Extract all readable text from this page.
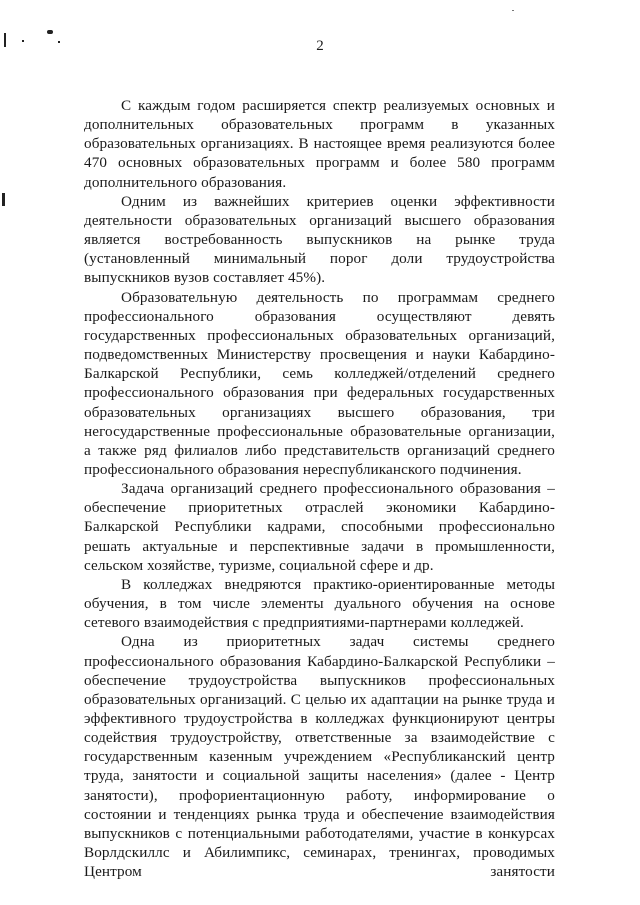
2

С каждым годом расширяется спектр реализуемых основных и дополнительных образовательных программ в указанных образовательных организациях. В настоящее время реализуются более 470 основных образовательных программ и более 580 программ дополнительного образования.

Одним из важнейших критериев оценки эффективности деятельности образовательных организаций высшего образования является востребованность выпускников на рынке труда (установленный минимальный порог доли трудоустройства выпускников вузов составляет 45%).

Образовательную деятельность по программам среднего профессионального образования осуществляют девять государственных профессиональных образовательных организаций, подведомственных Министерству просвещения и науки Кабардино-Балкарской Республики, семь колледжей/отделений среднего профессионального образования при федеральных государственных образовательных организациях высшего образования, три негосударственные профессиональные образовательные организации, а также ряд филиалов либо представительств организаций среднего профессионального образования нереспубликанского подчинения.

Задача организаций среднего профессионального образования – обеспечение приоритетных отраслей экономики Кабардино-Балкарской Республики кадрами, способными профессионально решать актуальные и перспективные задачи в промышленности, сельском хозяйстве, туризме, социальной сфере и др.

В колледжах внедряются практико-ориентированные методы обучения, в том числе элементы дуального обучения на основе сетевого взаимодействия с предприятиями-партнерами колледжей.

Одна из приоритетных задач системы среднего профессионального образования Кабардино-Балкарской Республики – обеспечение трудоустройства выпускников профессиональных образовательных организаций. С целью их адаптации на рынке труда и эффективного трудоустройства в колледжах функционируют центры содействия трудоустройству, ответственные за взаимодействие с государственным казенным учреждением «Республиканский центр труда, занятости и социальной защиты населения» (далее - Центр занятости), профориентационную работу, информирование о состоянии и тенденциях рынка труда и обеспечение взаимодействия выпускников с потенциальными работодателями, участие в конкурсах Ворлдскиллс и Абилимпикс, семинарах, тренингах, проводимых Центром занятости
